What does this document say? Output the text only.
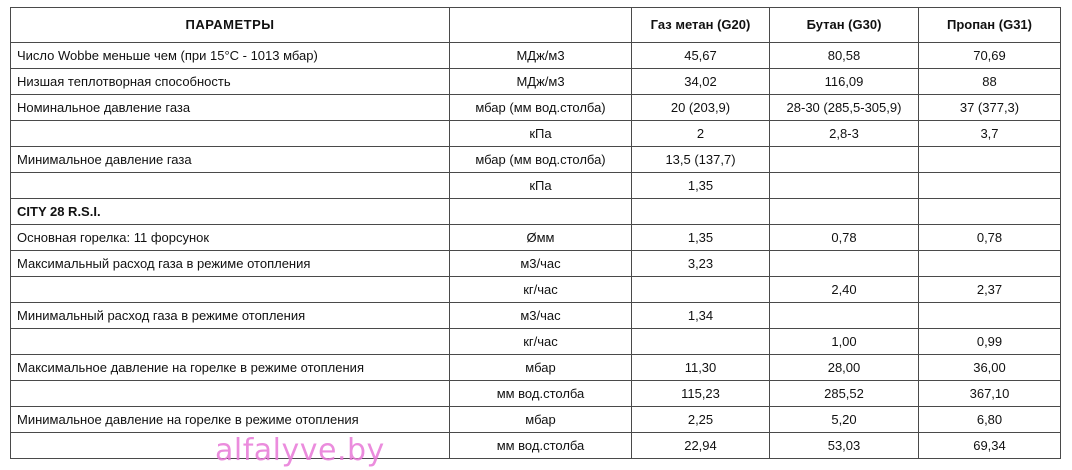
ПАРАМЕТРЫ		Газ метан (G20)	Бутан (G30)	Пропан (G31)
Число Wobbe меньше чем (при 15°C - 1013 мбар)	МДж/м3	45,67	80,58	70,69
Низшая теплотворная способность	МДж/м3	34,02	116,09	88
Номинальное давление газа	мбар (мм вод.столба)	20 (203,9)	28-30 (285,5-305,9)	37 (377,3)
	кПа	2	2,8-3	3,7
Минимальное давление газа	мбар (мм вод.столба)	13,5 (137,7)		
	кПа	1,35		
CITY 28 R.S.I.				
Основная горелка: 11 форсунок	Øмм	1,35	0,78	0,78
Максимальный расход газа в режиме отопления	м3/час	3,23		
	кг/час		2,40	2,37
Минимальный расход газа в режиме отопления	м3/час	1,34		
	кг/час		1,00	0,99
Максимальное давление на горелке в режиме отопления	мбар	11,30	28,00	36,00
	мм вод.столба	115,23	285,52	367,10
Минимальное давление на горелке в режиме отопления	мбар	2,25	5,20	6,80
	мм вод.столба	22,94	53,03	69,34
alfalyve.by
